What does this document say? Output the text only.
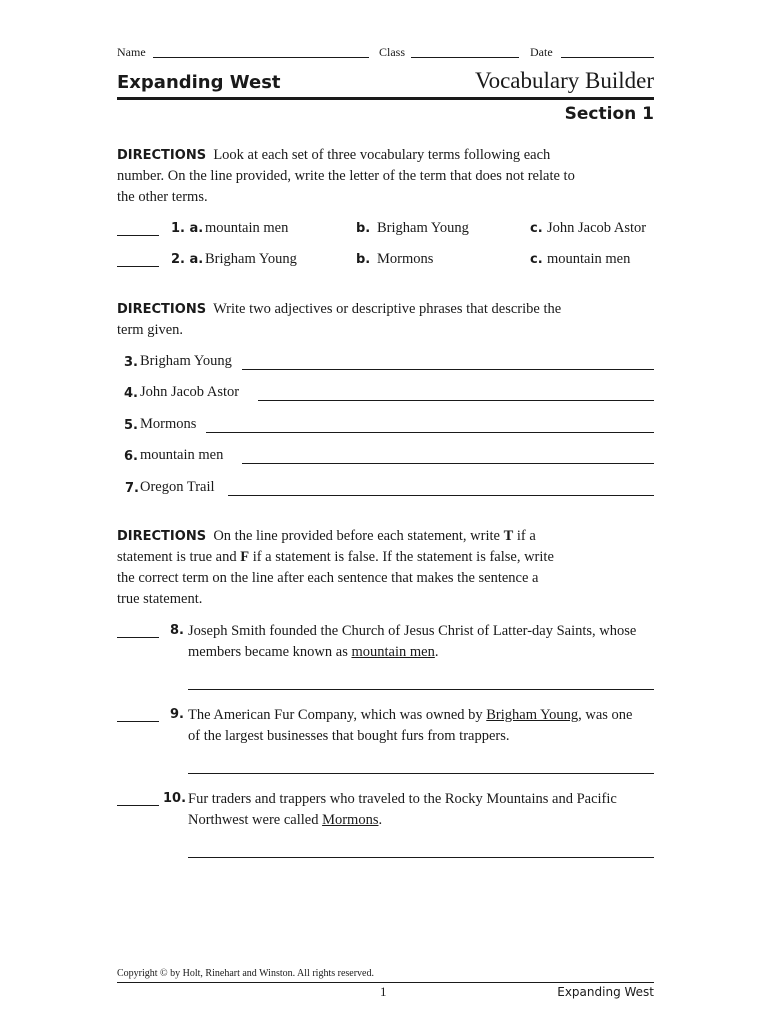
Name	Class	Date
Expanding West	Vocabulary Builder
Section 1
DIRECTIONS Look at each set of three vocabulary terms following each number. On the line provided, write the letter of the term that does not relate to the other terms.
1. a. mountain men	b. Brigham Young	c. John Jacob Astor
2. a. Brigham Young	b. Mormons	c. mountain men
DIRECTIONS Write two adjectives or descriptive phrases that describe the term given.
3. Brigham Young
4. John Jacob Astor
5. Mormons
6. mountain men
7. Oregon Trail
DIRECTIONS On the line provided before each statement, write T if a statement is true and F if a statement is false. If the statement is false, write the correct term on the line after each sentence that makes the sentence a true statement.
8. Joseph Smith founded the Church of Jesus Christ of Latter-day Saints, whose members became known as mountain men.
9. The American Fur Company, which was owned by Brigham Young, was one of the largest businesses that bought furs from trappers.
10. Fur traders and trappers who traveled to the Rocky Mountains and Pacific Northwest were called Mormons.
Copyright © by Holt, Rinehart and Winston. All rights reserved.
1	Expanding West
